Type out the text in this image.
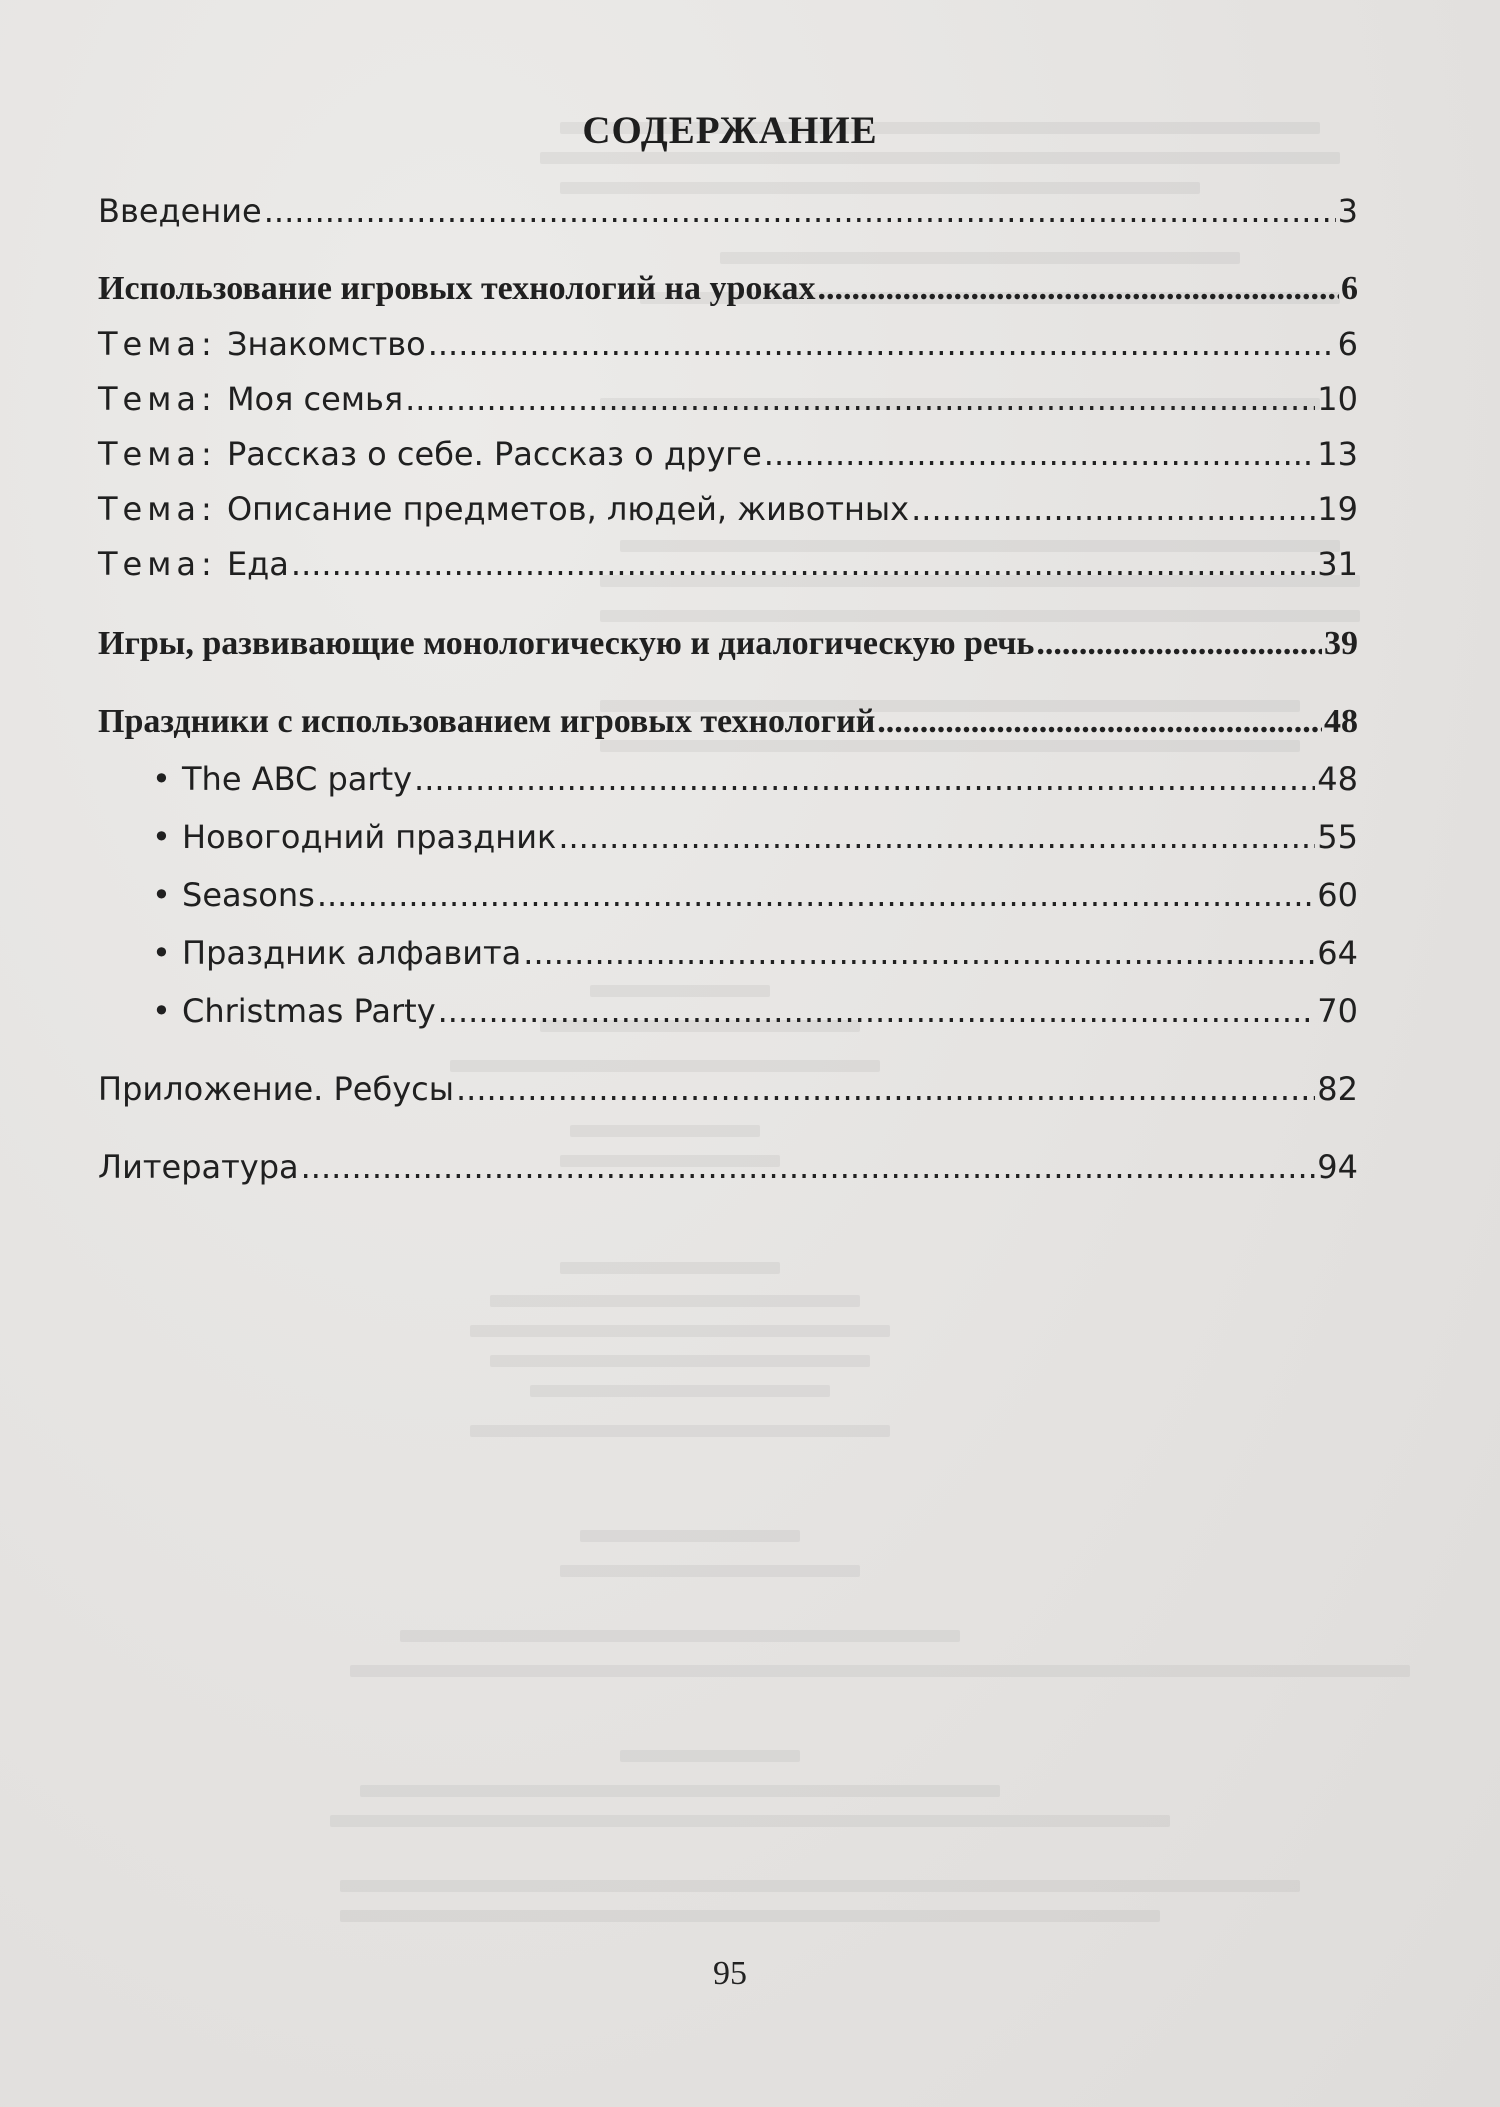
СОДЕРЖАНИЕ
Введение .....	3
Использование игровых технологий на уроках .....	6
Тема: Знакомство .....	6
Тема: Моя семья .....	10
Тема: Рассказ о себе. Рассказ о друге .....	13
Тема: Описание предметов, людей, животных .....	19
Тема: Еда .....	31
Игры, развивающие монологическую и диалогическую речь .....	39
Праздники с использованием игровых технологий .....	48
• The ABC party .....	48
• Новогодний праздник .....	55
• Seasons .....	60
• Праздник алфавита .....	64
• Christmas Party .....	70
Приложение. Ребусы .....	82
Литература .....	94
95
